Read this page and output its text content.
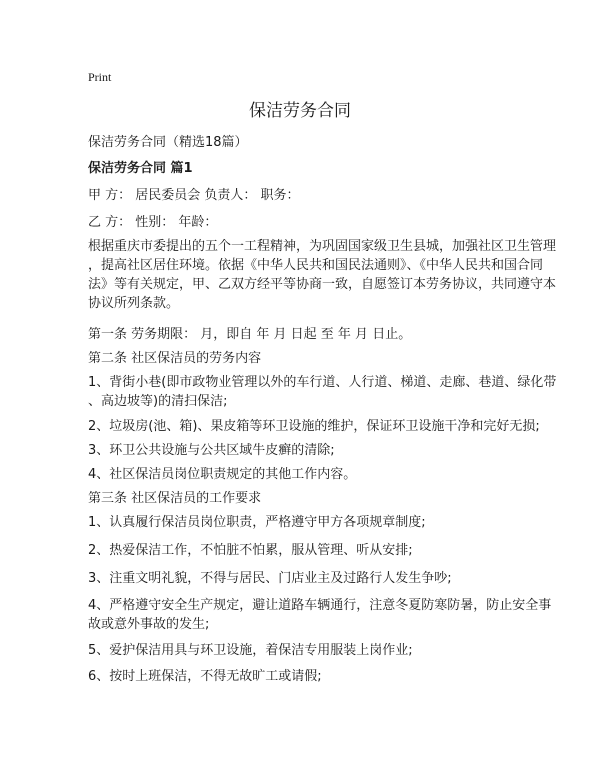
Print
保洁劳务合同
保洁劳务合同（精选18篇）
保洁劳务合同 篇1
甲 方： 居民委员会 负责人： 职务：
乙 方： 性别： 年龄：
根据重庆市委提出的五个一工程精神，为巩固国家级卫生县城，加强社区卫生管理
，提高社区居住环境。依据《中华人民共和国民法通则》、《中华人民共和国合同
法》等有关规定，甲、乙双方经平等协商一致，自愿签订本劳务协议，共同遵守本
协议所列条款。
第一条 劳务期限： 月，即自 年 月 日起 至 年 月 日止。
第二条 社区保洁员的劳务内容
1、背街小巷(即市政物业管理以外的车行道、人行道、梯道、走廊、巷道、绿化带
、高边坡等)的清扫保洁;
2、垃圾房(池、箱)、果皮箱等环卫设施的维护，保证环卫设施干净和完好无损;
3、环卫公共设施与公共区域牛皮癣的清除;
4、社区保洁员岗位职责规定的其他工作内容。
第三条 社区保洁员的工作要求
1、认真履行保洁员岗位职责，严格遵守甲方各项规章制度;
2、热爱保洁工作，不怕脏不怕累，服从管理、听从安排;
3、注重文明礼貌，不得与居民、门店业主及过路行人发生争吵;
4、严格遵守安全生产规定，避让道路车辆通行，注意冬夏防寒防暑，防止安全事
故或意外事故的发生;
5、爱护保洁用具与环卫设施，着保洁专用服装上岗作业;
6、按时上班保洁，不得无故旷工或请假;
